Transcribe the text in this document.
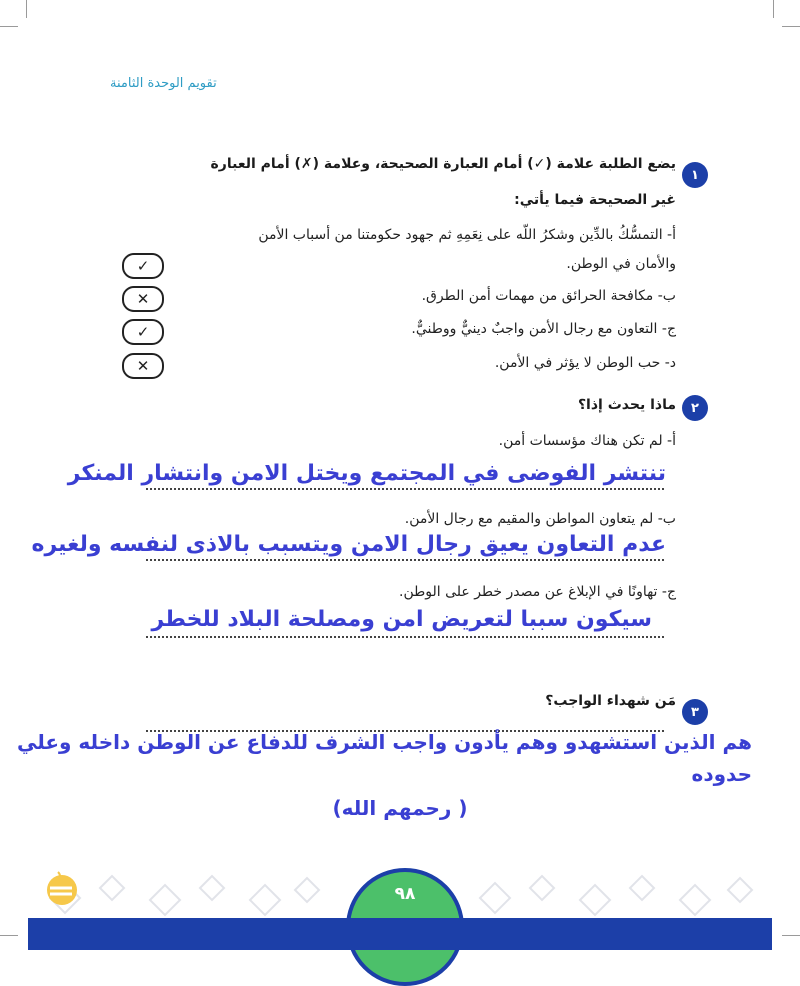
تقويم الوحدة الثامنة
١
يضع الطلبة علامة (✓) أمام العبارة الصحيحة، وعلامة (✗) أمام العبارة
غير الصحيحة فيما يأتي:
أ- التمسُّكُ بالدِّين وشكرُ اللّه على نِعَمِهِ ثم جهود حكومتنا من أسباب الأمن
والأمان في الوطن.
✓
ب- مكافحة الحرائق من مهمات أمن الطرق.
✕
ج- التعاون مع رجال الأمن واجبٌ دينيٌّ ووطنيٌّ.
✓
د- حب الوطن لا يؤثر في الأمن.
✕
٢
ماذا يحدث إذا؟
أ- لم تكن هناك مؤسسات أمن.
تنتشر الفوضى في المجتمع ويختل الامن وانتشار المنكر
ب- لم يتعاون المواطن والمقيم مع رجال الأمن.
عدم التعاون يعيق رجال الامن ويتسبب بالاذى لنفسه ولغيره
ج- تهاونًا في الإبلاغ عن مصدر خطر على الوطن.
سيكون سببا لتعريض امن ومصلحة البلاد للخطر
٣
مَن شهداء الواجب؟
هم الذين استشهدو وهم يأدون واجب الشرف للدفاع عن الوطن داخله وعلي
حدوده
( رحمهم الله)
٩٨
